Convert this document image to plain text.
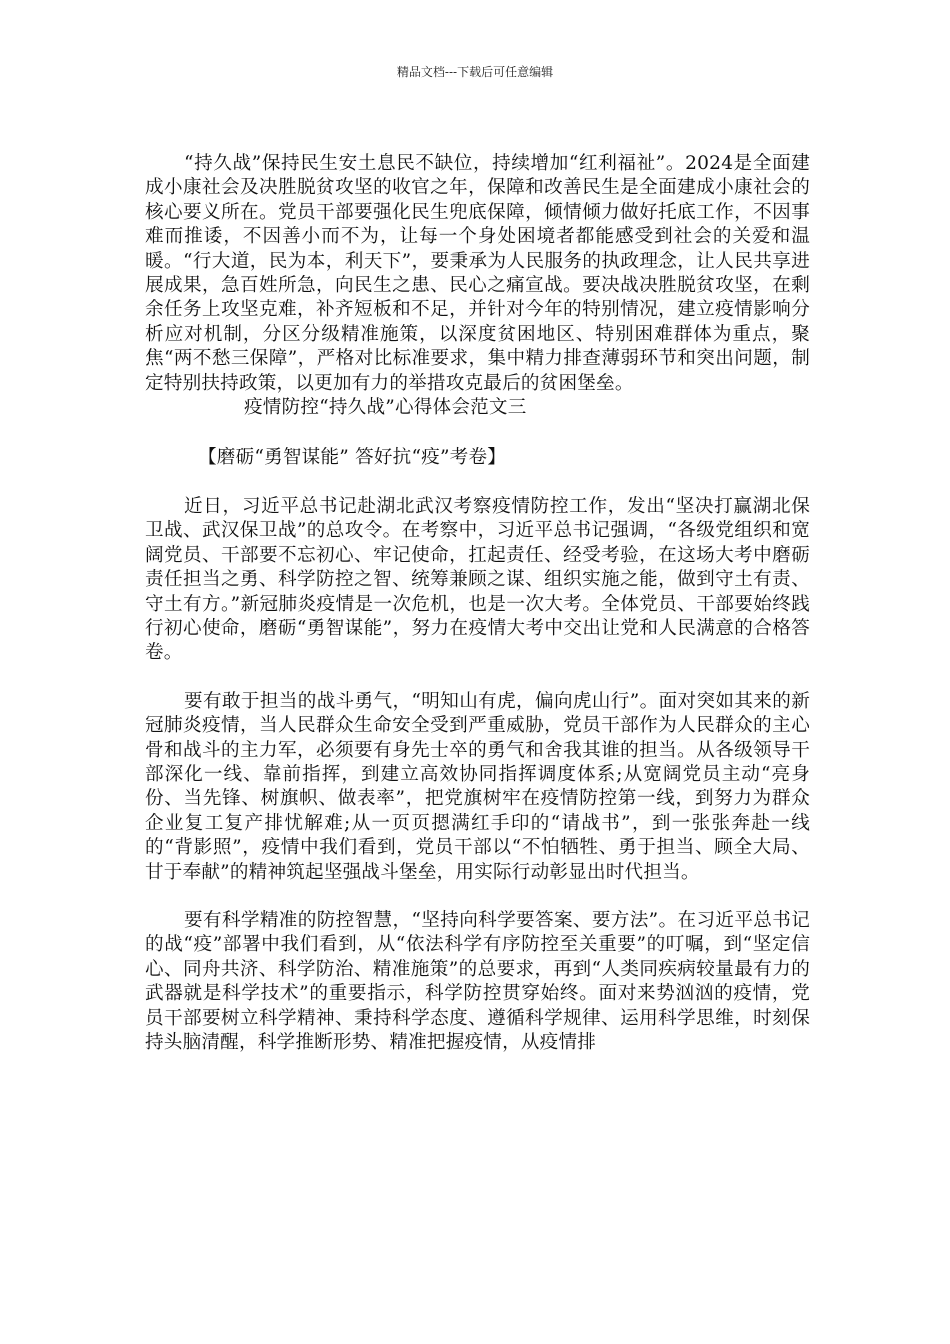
精品文档---下载后可任意编辑

“持久战”保持民生安土息民不缺位，持续增加“红利福祉”。2024是全面建成小康社会及决胜脱贫攻坚的收官之年，保障和改善民生是全面建成小康社会的核心要义所在。党员干部要强化民生兜底保障，倾情倾力做好托底工作，不因事难而推诿，不因善小而不为，让每一个身处困境者都能感受到社会的关爱和温暖。“行大道，民为本，利天下”，要秉承为人民服务的执政理念，让人民共享进展成果，急百姓所急，向民生之患、民心之痛宣战。要决战决胜脱贫攻坚，在剩余任务上攻坚克难，补齐短板和不足，并针对今年的特别情况，建立疫情影响分析应对机制，分区分级精准施策，以深度贫困地区、特别困难群体为重点，聚焦“两不愁三保障”，严格对比标准要求，集中精力排查薄弱环节和突出问题，制定特别扶持政策，以更加有力的举措攻克最后的贫困堡垒。

疫情防控“持久战”心得体会范文三

【磨砺“勇智谋能” 答好抗“疫”考卷】

近日，习近平总书记赴湖北武汉考察疫情防控工作，发出“坚决打赢湖北保卫战、武汉保卫战”的总攻令。在考察中，习近平总书记强调，“各级党组织和宽阔党员、干部要不忘初心、牢记使命，扛起责任、经受考验，在这场大考中磨砺责任担当之勇、科学防控之智、统筹兼顾之谋、组织实施之能，做到守土有责、守土有方。”新冠肺炎疫情是一次危机，也是一次大考。全体党员、干部要始终践行初心使命，磨砺“勇智谋能”，努力在疫情大考中交出让党和人民满意的合格答卷。

要有敢于担当的战斗勇气，“明知山有虎，偏向虎山行”。面对突如其来的新冠肺炎疫情，当人民群众生命安全受到严重威胁，党员干部作为人民群众的主心骨和战斗的主力军，必须要有身先士卒的勇气和舍我其谁的担当。从各级领导干部深化一线、靠前指挥，到建立高效协同指挥调度体系;从宽阔党员主动“亮身份、当先锋、树旗帜、做表率”，把党旗树牢在疫情防控第一线，到努力为群众企业复工复产排忧解难;从一页页摁满红手印的“请战书”，到一张张奔赴一线的“背影照”，疫情中我们看到，党员干部以“不怕牺牲、勇于担当、顾全大局、甘于奉献”的精神筑起坚强战斗堡垒，用实际行动彰显出时代担当。

要有科学精准的防控智慧，“坚持向科学要答案、要方法”。在习近平总书记的战“疫”部署中我们看到，从“依法科学有序防控至关重要”的叮嘱，到“坚定信心、同舟共济、科学防治、精准施策”的总要求，再到“人类同疾病较量最有力的武器就是科学技术”的重要指示，科学防控贯穿始终。面对来势汹汹的疫情，党员干部要树立科学精神、秉持科学态度、遵循科学规律、运用科学思维，时刻保持头脑清醒，科学推断形势、精准把握疫情，从疫情排
